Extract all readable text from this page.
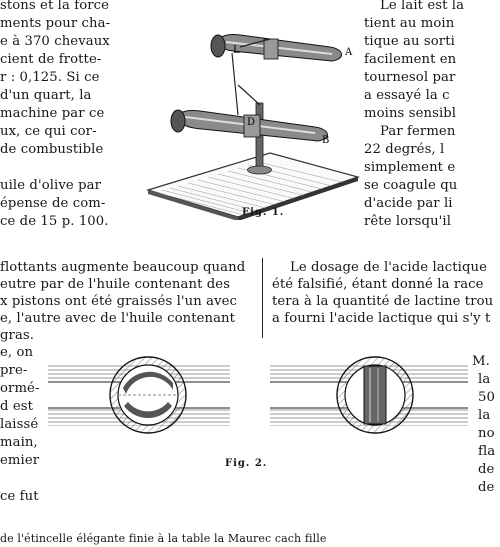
stons et la force
ments pour cha-
e à 370 chevaux
cient de frotte-
r : 0,125. Si ce
d'un quart, la
machine par ce
ux, ce qui cor-
de combustible
uile d'olive par
épense de com-
ce de 15 p. 100.
Le lait est la
tient au moin
tique au sorti
facilement en
tournesol par
a essayé la c
moins sensibl
Par fermen
22 degrés, l
simplement e
se coagule qu
d'acide par li
rête lorsqu'il
L	A
D
B
Fig. 1.
flottants augmente beaucoup quand
eutre par de l'huile contenant des
x pistons ont été graissés l'un avec
e, l'autre avec de l'huile contenant
gras.
Le dosage de l'acide lactique
été falsifié, étant donné la race
tera à la quantité de lactine trou
a fourni l'acide lactique qui s'y t
e, on
pre-
ormé-
d est
laissé
main,
emier
ce fut
M.
la
50
la
no
fla
de
de
Fig. 2.
de l'étincelle élégante finie à la table la Maurec cach fille
